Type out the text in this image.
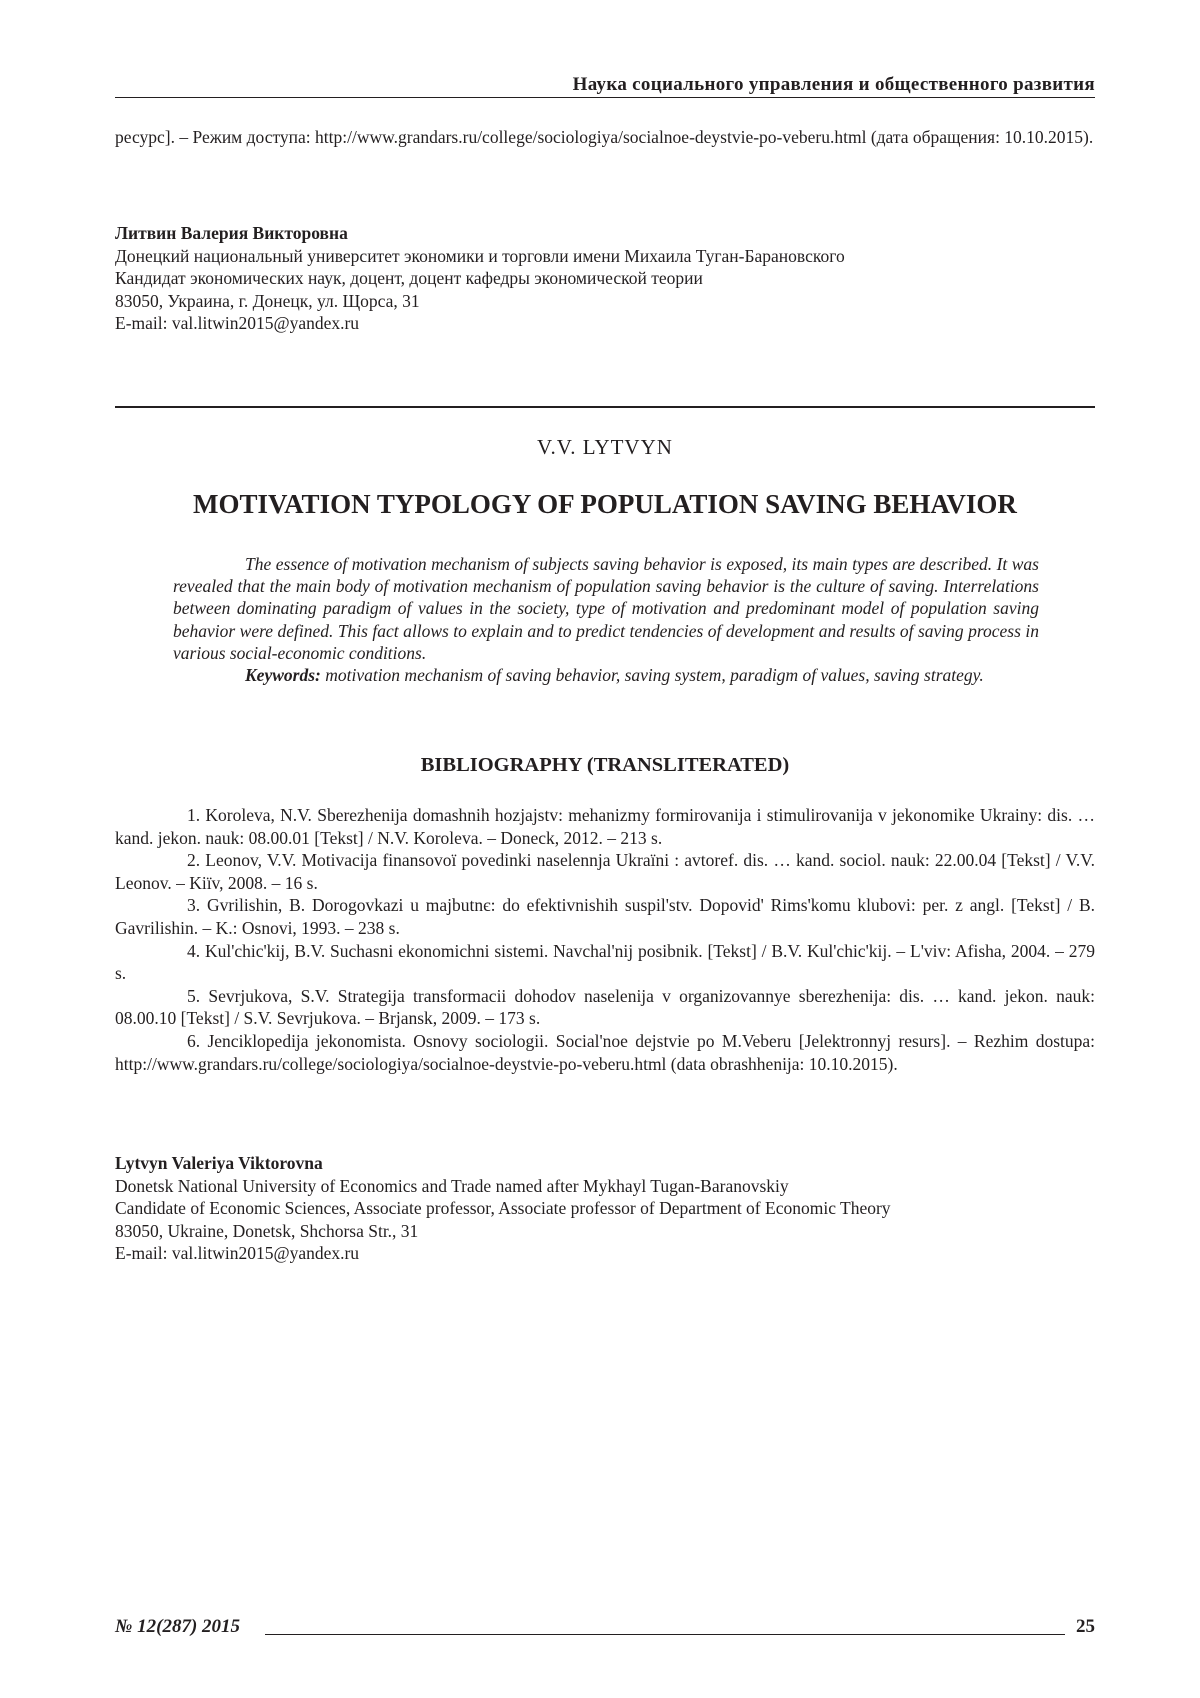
Наука социального управления и общественного развития
ресурс]. – Режим доступа: http://www.grandars.ru/college/sociologiya/socialnoe-deystvie-po-veberu.html (дата обращения: 10.10.2015).
Литвин Валерия Викторовна
Донецкий национальный университет экономики и торговли имени Михаила Туган-Барановского
Кандидат экономических наук, доцент, доцент кафедры экономической теории
83050, Украина, г. Донецк, ул. Щорса, 31
E-mail: val.litwin2015@yandex.ru
V.V. LYTVYN
MOTIVATION TYPOLOGY OF POPULATION SAVING BEHAVIOR

The essence of motivation mechanism of subjects saving behavior is exposed, its main types are described. It was revealed that the main body of motivation mechanism of population saving behavior is the culture of saving. Interrelations between dominating paradigm of values in the society, type of motivation and predominant model of population saving behavior were defined. This fact allows to explain and to predict tendencies of development and results of saving process in various social-economic conditions.

Keywords: motivation mechanism of saving behavior, saving system, paradigm of values, saving strategy.

BIBLIOGRAPHY (TRANSLITERATED)

1. Koroleva, N.V. Sberezhenija domashnih hozjajstv: mehanizmy formirovanija i stimulirovanija v jekonomike Ukrainy: dis. … kand. jekon. nauk: 08.00.01 [Tekst] / N.V. Koroleva. – Doneck, 2012. – 213 s.

2. Leonov, V.V. Motivacija finansovoї povedinki naselennja Ukraїni : avtoref. dis. … kand. sociol. nauk: 22.00.04 [Tekst] / V.V. Leonov. – Kiїv, 2008. – 16 s.

3. Gvrilishin, B. Dorogovkazi u majbutnє: do efektivnishih suspil'stv. Dopovid' Rims'komu klubovi: per. z angl. [Tekst] / B. Gavrilishin. – K.: Osnovi, 1993. – 238 s.

4. Kul'chic'kij, B.V. Suchasni ekonomichni sistemi. Navchal'nij posibnik. [Tekst] / B.V. Kul'chic'kij. – L'viv: Afisha, 2004. – 279 s.

5. Sevrjukova, S.V. Strategija transformacii dohodov naselenija v organizovannye sberezhenija: dis. … kand. jekon. nauk: 08.00.10 [Tekst] / S.V. Sevrjukova. – Brjansk, 2009. – 173 s.

6. Jenciklopedija jekonomista. Osnovy sociologii. Social'noe dejstvie po M.Veberu [Jelektronnyj resurs]. – Rezhim dostupa: http://www.grandars.ru/college/sociologiya/socialnoe-deystvie-po-veberu.html (data obrashhenija: 10.10.2015).

Lytvyn Valeriya Viktorovna
Donetsk National University of Economics and Trade named after Mykhayl Tugan-Baranovskiy
Candidate of Economic Sciences, Associate professor, Associate professor of Department of Economic Theory
83050, Ukraine, Donetsk, Shchorsa Str., 31
E-mail: val.litwin2015@yandex.ru
№ 12(287) 2015	25
